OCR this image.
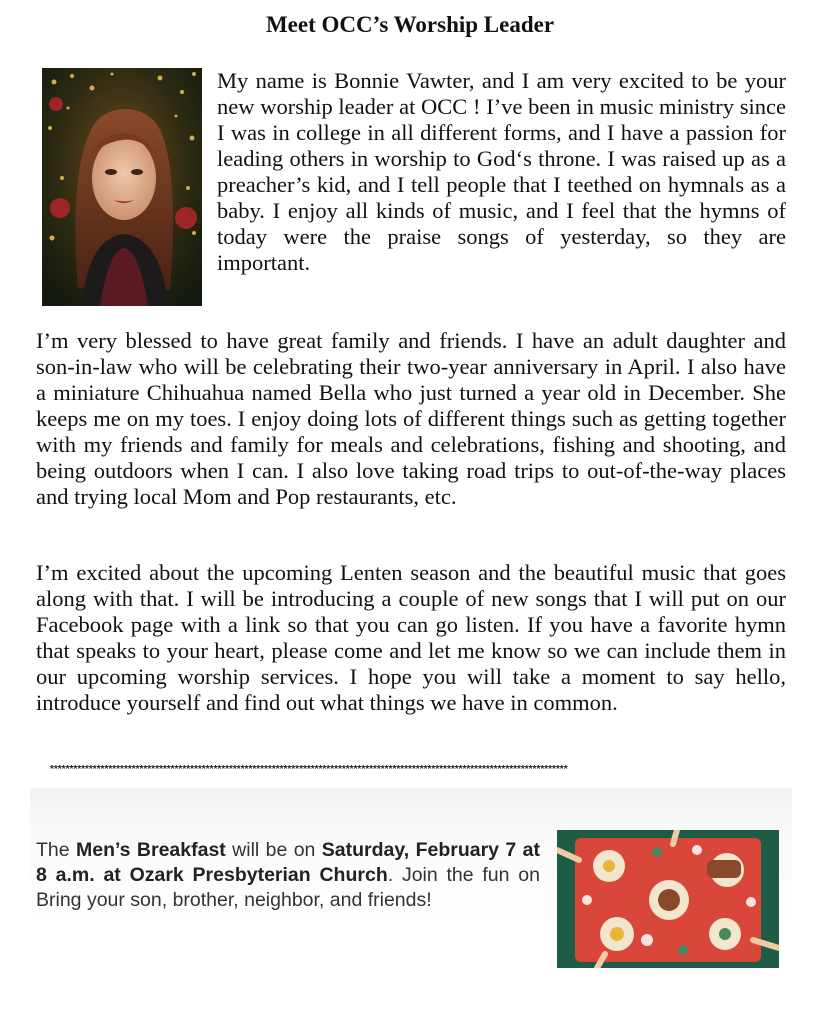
Meet OCC’s Worship Leader

My name is Bonnie Vawter, and I am very excited to be your new worship leader at OCC ! I’ve been in music ministry since I was in college in all different forms, and I have a passion for leading others in worship to God‘s throne. I was raised up as a preacher’s kid, and I tell people that I teethed on hymnals as a baby. I enjoy all kinds of music, and I feel that the hymns of today were the praise songs of yesterday, so they are important.

I’m very blessed to have great family and friends. I have an adult daughter and son-in-law who will be celebrating their two-year anniversary in April. I also have a miniature Chihuahua named Bella who just turned a year old in December. She keeps me on my toes. I enjoy doing lots of different things such as getting together with my friends and family for meals and celebrations, fishing and shooting, and being outdoors when I can. I also love taking road trips to out-of-the-way places and trying local Mom and Pop restaurants, etc.

I’m excited about the upcoming Lenten season and the beautiful music that goes along with that. I will be introducing a couple of new songs that I will put on our Facebook page with a link so that you can go listen. If you have a favorite hymn that speaks to your heart, please come and let me know so we can include them in our upcoming worship services. I hope you will take a moment to say hello, introduce yourself and find out what things we have in common.

*************************************************************************************************************************************

The Men’s Breakfast will be on Saturday, February 7 at 8 a.m. at Ozark Presbyterian Church. Join the fun on Bring your son, brother, neighbor, and friends!
